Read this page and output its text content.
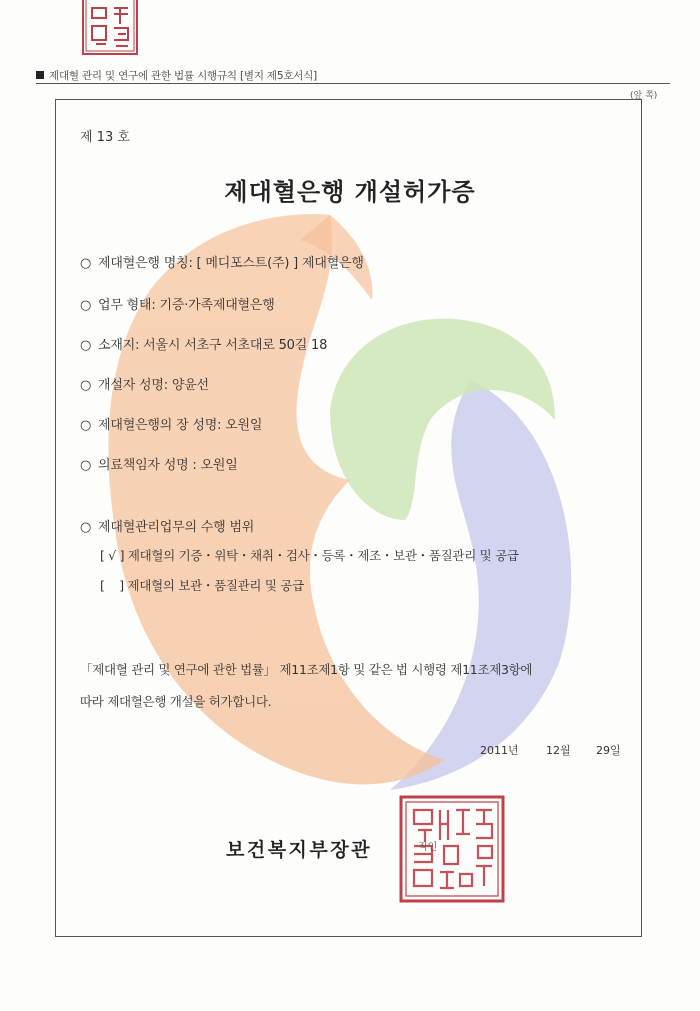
제대혈 관리 및 연구에 관한 법률 시행규칙 [별지 제5호서식]
(앞 쪽)
제 13 호
제대혈은행 개설허가증
○ 제대혈은행 명칭: [ 메디포스트(주) ] 제대혈은행
○ 업무 형태: 기증·가족제대혈은행
○ 소재지: 서울시 서초구 서초대로 50길 18
○ 개설자 성명: 양윤선
○ 제대혈은행의 장 성명: 오원일
○ 의료책임자 성명 : 오원일
○ 제대혈관리업무의 수행 범위
[ √ ] 제대혈의 기증・위탁・채취・검사・등록・제조・보관・품질관리 및 공급
[    ] 제대혈의 보관・품질관리 및 공급
「제대혈 관리 및 연구에 관한 법률」 제11조제1항 및 같은 법 시행령 제11조제3항에
따라 제대혈은행 개설을 허가합니다.
2011년 12월 29일
직인
보건복지부장관
